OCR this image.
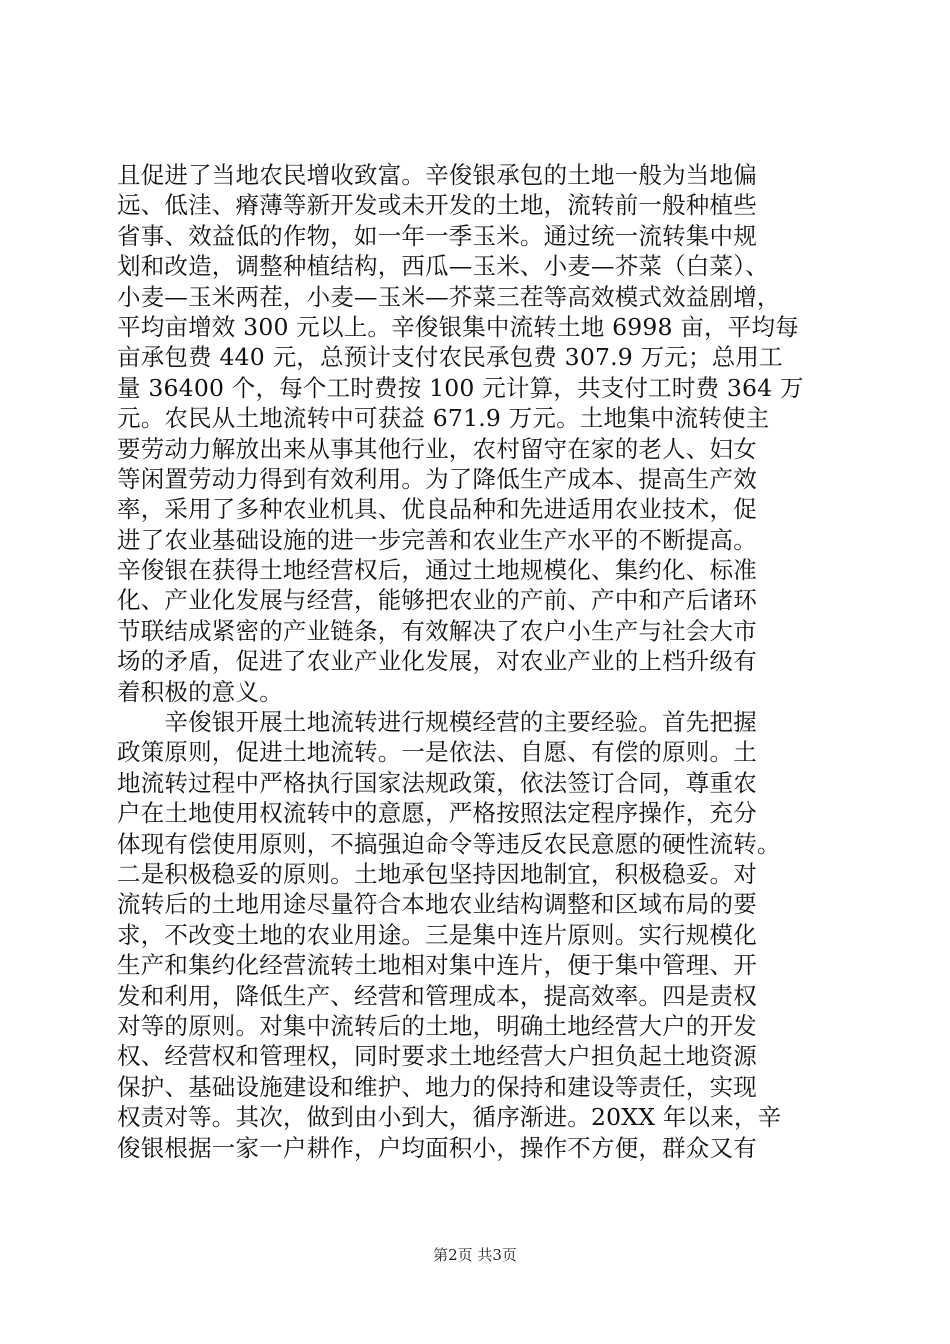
且促进了当地农民增收致富。辛俊银承包的土地一般为当地偏
远、低洼、瘠薄等新开发或未开发的土地，流转前一般种植些
省事、效益低的作物，如一年一季玉米。通过统一流转集中规
划和改造，调整种植结构，西瓜—玉米、小麦—芥菜（白菜）、
小麦—玉米两茬，小麦—玉米—芥菜三茬等高效模式效益剧增，
平均亩增效 300 元以上。辛俊银集中流转土地 6998 亩，平均每
亩承包费 440 元，总预计支付农民承包费 307.9 万元；总用工
量 36400 个，每个工时费按 100 元计算，共支付工时费 364 万
元。农民从土地流转中可获益 671.9 万元。土地集中流转使主
要劳动力解放出来从事其他行业，农村留守在家的老人、妇女
等闲置劳动力得到有效利用。为了降低生产成本、提高生产效
率，采用了多种农业机具、优良品种和先进适用农业技术，促
进了农业基础设施的进一步完善和农业生产水平的不断提高。
辛俊银在获得土地经营权后，通过土地规模化、集约化、标准
化、产业化发展与经营，能够把农业的产前、产中和产后诸环
节联结成紧密的产业链条，有效解决了农户小生产与社会大市
场的矛盾，促进了农业产业化发展，对农业产业的上档升级有
着积极的意义。
　　辛俊银开展土地流转进行规模经营的主要经验。首先把握
政策原则，促进土地流转。一是依法、自愿、有偿的原则。土
地流转过程中严格执行国家法规政策，依法签订合同，尊重农
户在土地使用权流转中的意愿，严格按照法定程序操作，充分
体现有偿使用原则，不搞强迫命令等违反农民意愿的硬性流转。
二是积极稳妥的原则。土地承包坚持因地制宜，积极稳妥。对
流转后的土地用途尽量符合本地农业结构调整和区域布局的要
求，不改变土地的农业用途。三是集中连片原则。实行规模化
生产和集约化经营流转土地相对集中连片，便于集中管理、开
发和利用，降低生产、经营和管理成本，提高效率。四是责权
对等的原则。对集中流转后的土地，明确土地经营大户的开发
权、经营权和管理权，同时要求土地经营大户担负起土地资源
保护、基础设施建设和维护、地力的保持和建设等责任，实现
权责对等。其次，做到由小到大，循序渐进。20XX 年以来，辛
俊银根据一家一户耕作，户均面积小，操作不方便，群众又有
第2页 共3页
